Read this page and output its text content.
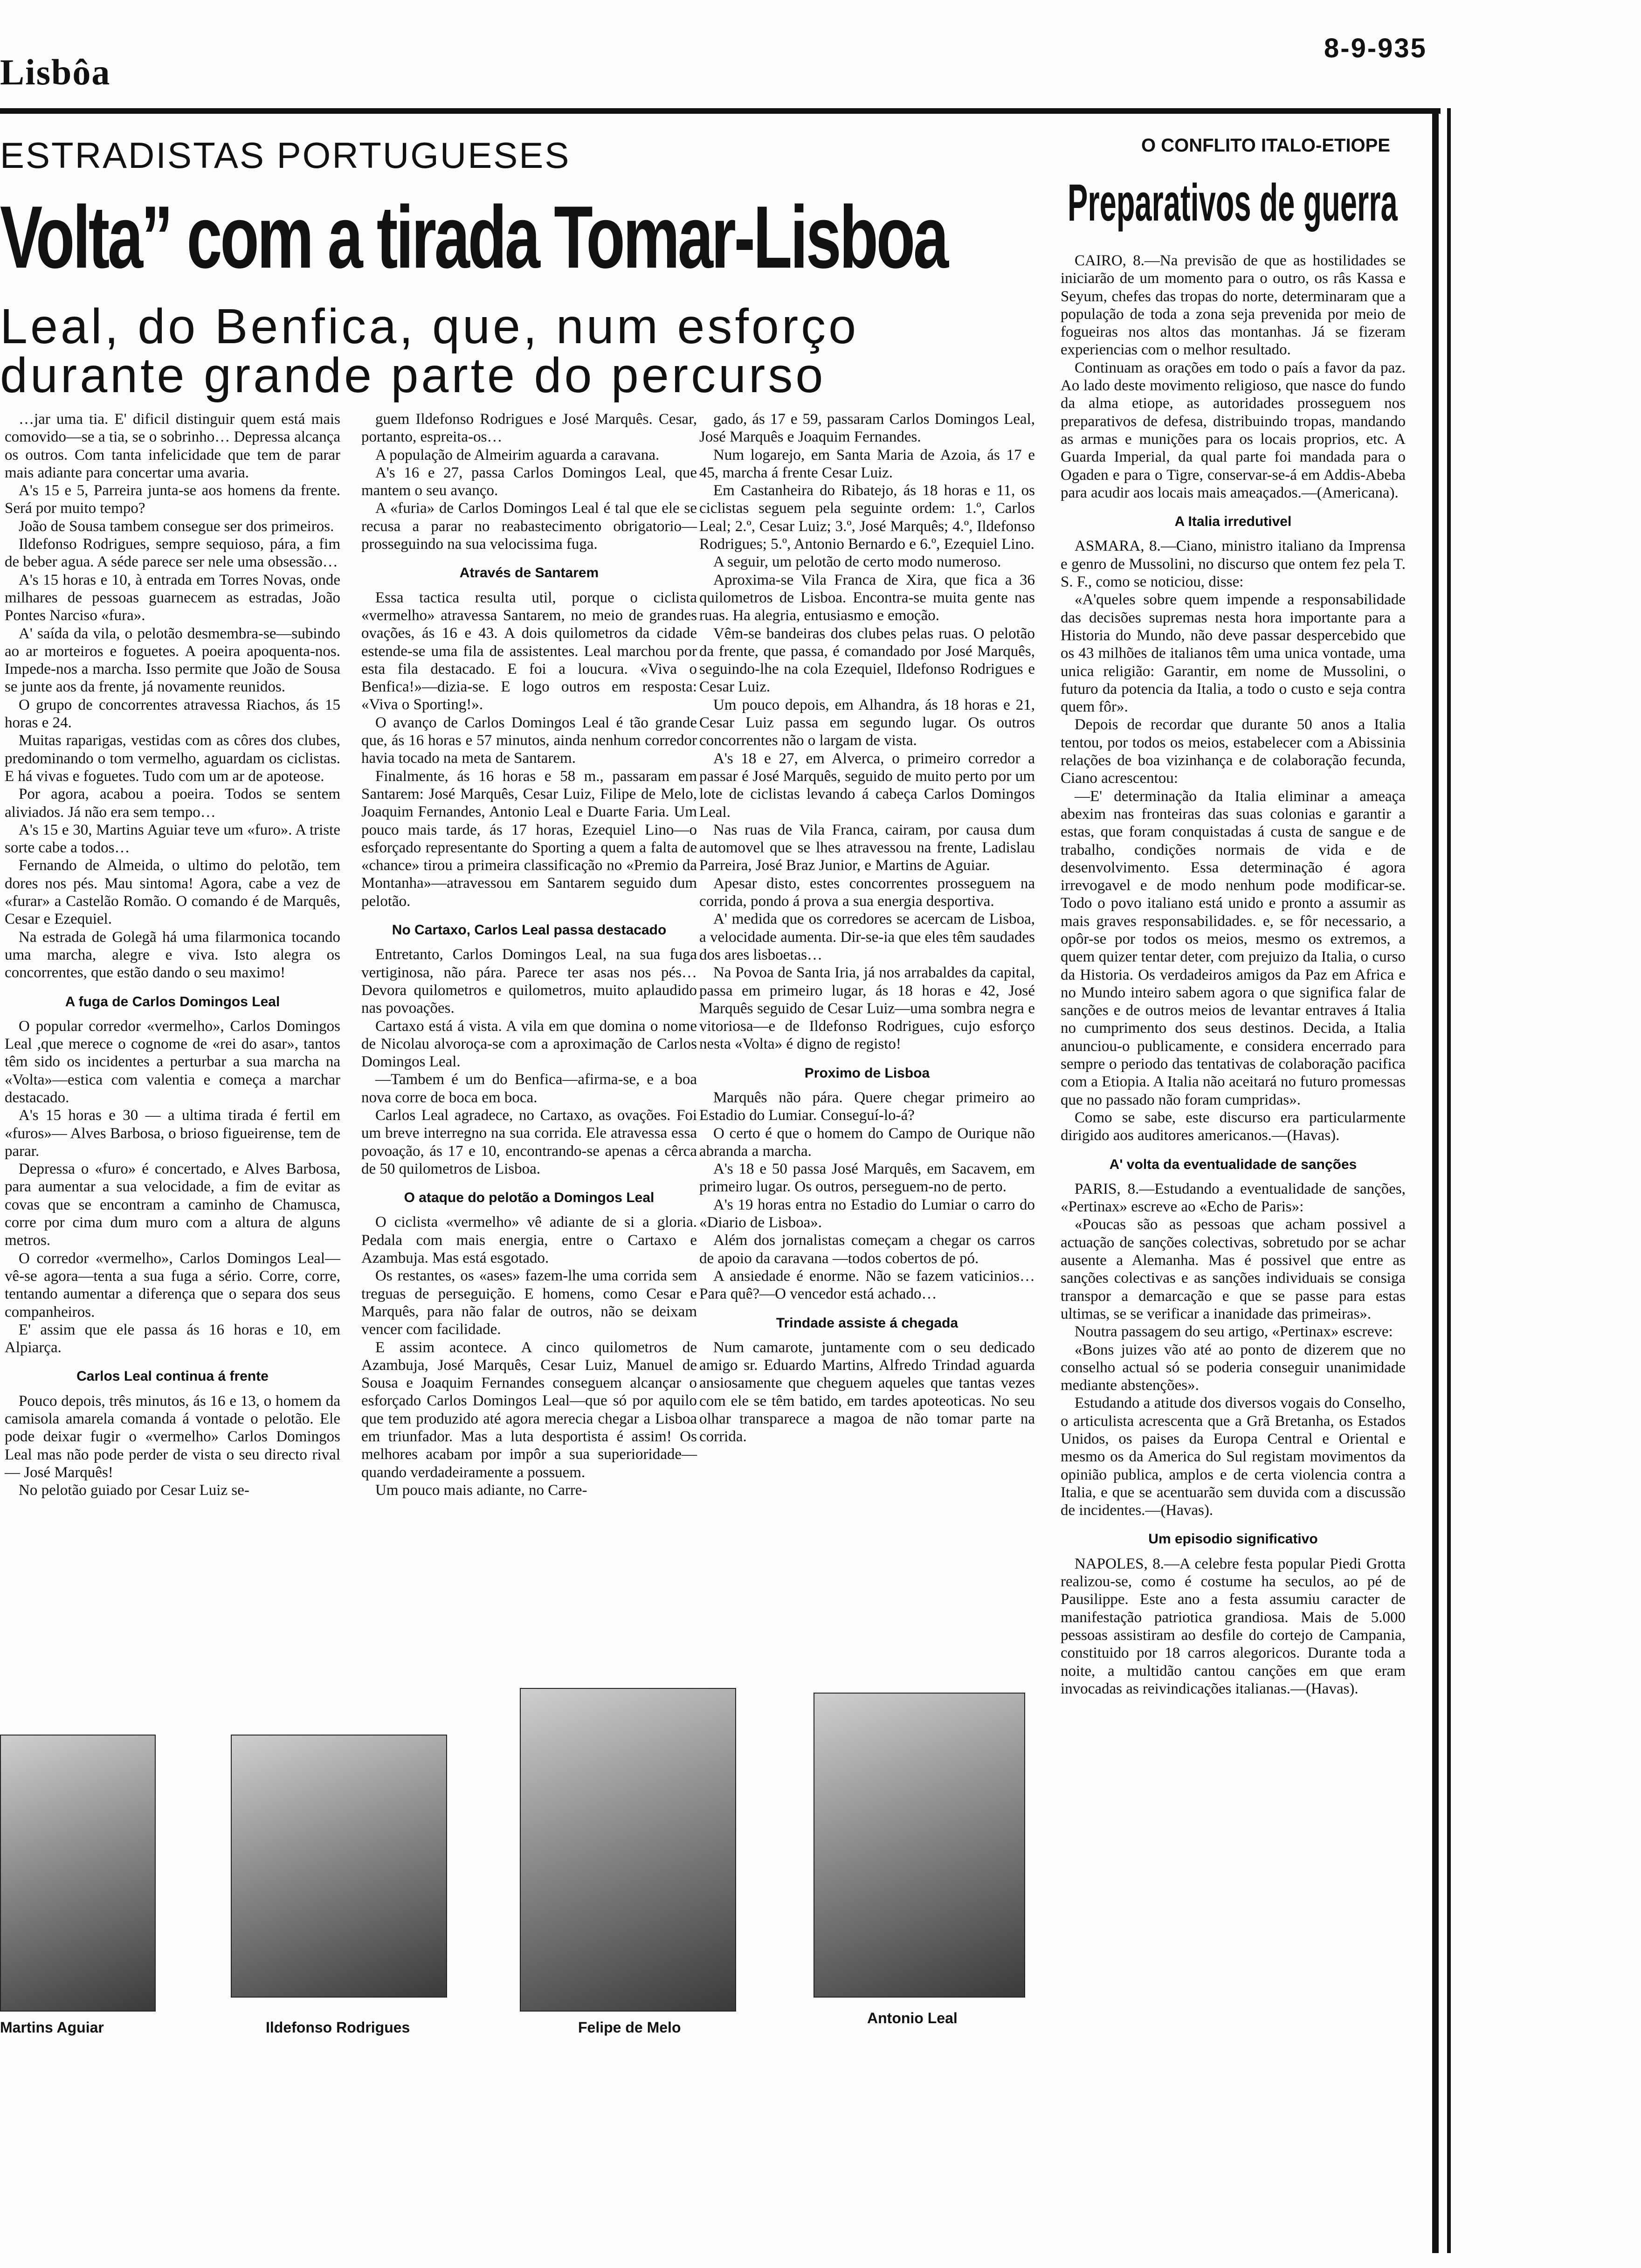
Lisbôa
8-9-935
ESTRADISTAS PORTUGUESES
Volta” com a tirada Tomar-Lisboa
Leal, do Benfica, que, num esforço
durante grande parte do percurso

…jar uma tia. E' dificil distinguir quem está mais comovido—se a tia, se o sobrinho… Depressa alcança os outros. Com tanta infelicidade que tem de parar mais adiante para concertar uma avaria.

A's 15 e 5, Parreira junta-se aos homens da frente. Será por muito tempo?

João de Sousa tambem consegue ser dos primeiros.

Ildefonso Rodrigues, sempre sequioso, pára, a fim de beber agua. A séde parece ser nele uma obsessão…

A's 15 horas e 10, à entrada em Torres Novas, onde milhares de pessoas guarnecem as estradas, João Pontes Narciso «fura».

A' saída da vila, o pelotão desmembra-se—subindo ao ar morteiros e foguetes. A poeira apoquenta-nos. Impede-nos a marcha. Isso permite que João de Sousa se junte aos da frente, já novamente reunidos.

O grupo de concorrentes atravessa Riachos, ás 15 horas e 24.

Muitas raparigas, vestidas com as côres dos clubes, predominando o tom vermelho, aguardam os ciclistas. E há vivas e foguetes. Tudo com um ar de apoteose.

Por agora, acabou a poeira. Todos se sentem aliviados. Já não era sem tempo…

A's 15 e 30, Martins Aguiar teve um «furo». A triste sorte cabe a todos…

Fernando de Almeida, o ultimo do pelotão, tem dores nos pés. Mau sintoma! Agora, cabe a vez de «furar» a Castelão Romão. O comando é de Marquês, Cesar e Ezequiel.

Na estrada de Golegã há uma filarmonica tocando uma marcha, alegre e viva. Isto alegra os concorrentes, que estão dando o seu maximo!

A fuga de Carlos Domingos Leal

O popular corredor «vermelho», Carlos Domingos Leal ,que merece o cognome de «rei do asar», tantos têm sido os incidentes a perturbar a sua marcha na «Volta»—estica com valentia e começa a marchar destacado.

A's 15 horas e 30 — a ultima tirada é fertil em «furos»— Alves Barbosa, o brioso figueirense, tem de parar.

Depressa o «furo» é concertado, e Alves Barbosa, para aumentar a sua velocidade, a fim de evitar as covas que se encontram a caminho de Chamusca, corre por cima dum muro com a altura de alguns metros.

O corredor «vermelho», Carlos Domingos Leal—vê-se agora—tenta a sua fuga a sério. Corre, corre, tentando aumentar a diferença que o separa dos seus companheiros.

E' assim que ele passa ás 16 horas e 10, em Alpiarça.

Carlos Leal continua á frente

Pouco depois, três minutos, ás 16 e 13, o homem da camisola amarela comanda á vontade o pelotão. Ele pode deixar fugir o «vermelho» Carlos Domingos Leal mas não pode perder de vista o seu directo rival — José Marquês!

No pelotão guiado por Cesar Luiz se-

guem Ildefonso Rodrigues e José Marquês. Cesar, portanto, espreita-os…

A população de Almeirim aguarda a caravana.

A's 16 e 27, passa Carlos Domingos Leal, que mantem o seu avanço.

A «furia» de Carlos Domingos Leal é tal que ele se recusa a parar no reabastecimento obrigatorio—prosseguindo na sua velocissima fuga.

Através de Santarem

Essa tactica resulta util, porque o ciclista «vermelho» atravessa Santarem, no meio de grandes ovações, ás 16 e 43. A dois quilometros da cidade estende-se uma fila de assistentes. Leal marchou por esta fila destacado. E foi a loucura. «Viva o Benfica!»—dizia-se. E logo outros em resposta: «Viva o Sporting!».

O avanço de Carlos Domingos Leal é tão grande que, ás 16 horas e 57 minutos, ainda nenhum corredor havia tocado na meta de Santarem.

Finalmente, ás 16 horas e 58 m., passaram em Santarem: José Marquês, Cesar Luiz, Filipe de Melo, Joaquim Fernandes, Antonio Leal e Duarte Faria. Um pouco mais tarde, ás 17 horas, Ezequiel Lino—o esforçado representante do Sporting a quem a falta de «chance» tirou a primeira classificação no «Premio da Montanha»—atravessou em Santarem seguido dum pelotão.

No Cartaxo, Carlos Leal passa destacado

Entretanto, Carlos Domingos Leal, na sua fuga vertiginosa, não pára. Parece ter asas nos pés… Devora quilometros e quilometros, muito aplaudido nas povoações.

Cartaxo está á vista. A vila em que domina o nome de Nicolau alvoroça-se com a aproximação de Carlos Domingos Leal.

—Tambem é um do Benfica—afirma-se, e a boa nova corre de boca em boca.

Carlos Leal agradece, no Cartaxo, as ovações. Foi um breve interregno na sua corrida. Ele atravessa essa povoação, ás 17 e 10, encontrando-se apenas a cêrca de 50 quilometros de Lisboa.

O ataque do pelotão a Domingos Leal

O ciclista «vermelho» vê adiante de si a gloria. Pedala com mais energia, entre o Cartaxo e Azambuja. Mas está esgotado.

Os restantes, os «ases» fazem-lhe uma corrida sem treguas de perseguição. E homens, como Cesar e Marquês, para não falar de outros, não se deixam vencer com facilidade.

E assim acontece. A cinco quilometros de Azambuja, José Marquês, Cesar Luiz, Manuel de Sousa e Joaquim Fernandes conseguem alcançar o esforçado Carlos Domingos Leal—que só por aquilo que tem produzido até agora merecia chegar a Lisboa em triunfador. Mas a luta desportista é assim! Os melhores acabam por impôr a sua superioridade—quando verdadeiramente a possuem.

Um pouco mais adiante, no Carre-

gado, ás 17 e 59, passaram Carlos Domingos Leal, José Marquês e Joaquim Fernandes.

Num logarejo, em Santa Maria de Azoia, ás 17 e 45, marcha á frente Cesar Luiz.

Em Castanheira do Ribatejo, ás 18 horas e 11, os ciclistas seguem pela seguinte ordem: 1.º, Carlos Leal; 2.º, Cesar Luiz; 3.º, José Marquês; 4.º, Ildefonso Rodrigues; 5.º, Antonio Bernardo e 6.º, Ezequiel Lino.

A seguir, um pelotão de certo modo numeroso.

Aproxima-se Vila Franca de Xira, que fica a 36 quilometros de Lisboa. Encontra-se muita gente nas ruas. Ha alegria, entusiasmo e emoção.

Vêm-se bandeiras dos clubes pelas ruas. O pelotão da frente, que passa, é comandado por José Marquês, seguindo-lhe na cola Ezequiel, Ildefonso Rodrigues e Cesar Luiz.

Um pouco depois, em Alhandra, ás 18 horas e 21, Cesar Luiz passa em segundo lugar. Os outros concorrentes não o largam de vista.

A's 18 e 27, em Alverca, o primeiro corredor a passar é José Marquês, seguido de muito perto por um lote de ciclistas levando á cabeça Carlos Domingos Leal.

Nas ruas de Vila Franca, cairam, por causa dum automovel que se lhes atravessou na frente, Ladislau Parreira, José Braz Junior, e Martins de Aguiar.

Apesar disto, estes concorrentes prosseguem na corrida, pondo á prova a sua energia desportiva.

A' medida que os corredores se acercam de Lisboa, a velocidade aumenta. Dir-se-ia que eles têm saudades dos ares lisboetas…

Na Povoa de Santa Iria, já nos arrabaldes da capital, passa em primeiro lugar, ás 18 horas e 42, José Marquês seguido de Cesar Luiz—uma sombra negra e vitoriosa—e de Ildefonso Rodrigues, cujo esforço nesta «Volta» é digno de registo!

Proximo de Lisboa

Marquês não pára. Quere chegar primeiro ao Estadio do Lumiar. Conseguí-lo-á?

O certo é que o homem do Campo de Ourique não abranda a marcha.

A's 18 e 50 passa José Marquês, em Sacavem, em primeiro lugar. Os outros, perseguem-no de perto.

A's 19 horas entra no Estadio do Lumiar o carro do «Diario de Lisboa».

Além dos jornalistas começam a chegar os carros de apoio da caravana —todos cobertos de pó.

A ansiedade é enorme. Não se fazem vaticinios… Para quê?—O vencedor está achado…

Trindade assiste á chegada

Num camarote, juntamente com o seu dedicado amigo sr. Eduardo Martins, Alfredo Trindad aguarda ansiosamente que cheguem aqueles que tantas vezes com ele se têm batido, em tardes apoteoticas. No seu olhar transparece a magoa de não tomar parte na corrida.

Martins Aguiar	Ildefonso Rodrigues	Felipe de Melo
Antonio Leal
O CONFLITO ITALO-ETIOPE
Preparativos de guerra

CAIRO, 8.—Na previsão de que as hostilidades se iniciarão de um momento para o outro, os râs Kassa e Seyum, chefes das tropas do norte, determinaram que a população de toda a zona seja prevenida por meio de fogueiras nos altos das montanhas. Já se fizeram experiencias com o melhor resultado.

Continuam as orações em todo o país a favor da paz. Ao lado deste movimento religioso, que nasce do fundo da alma etiope, as autoridades prosseguem nos preparativos de defesa, distribuindo tropas, mandando as armas e munições para os locais proprios, etc. A Guarda Imperial, da qual parte foi mandada para o Ogaden e para o Tigre, conservar-se-á em Addis-Abeba para acudir aos locais mais ameaçados.—(Americana).

A Italia irredutivel

ASMARA, 8.—Ciano, ministro italiano da Imprensa e genro de Mussolini, no discurso que ontem fez pela T. S. F., como se noticiou, disse:

«A'queles sobre quem impende a responsabilidade das decisões supremas nesta hora importante para a Historia do Mundo, não deve passar despercebido que os 43 milhões de italianos têm uma unica vontade, uma unica religião: Garantir, em nome de Mussolini, o futuro da potencia da Italia, a todo o custo e seja contra quem fôr».

Depois de recordar que durante 50 anos a Italia tentou, por todos os meios, estabelecer com a Abissinia relações de boa vizinhança e de colaboração fecunda, Ciano acrescentou:

—E' determinação da Italia eliminar a ameaça abexim nas fronteiras das suas colonias e garantir a estas, que foram conquistadas á custa de sangue e de trabalho, condições normais de vida e de desenvolvimento. Essa determinação é agora irrevogavel e de modo nenhum pode modificar-se. Todo o povo italiano está unido e pronto a assumir as mais graves responsabilidades. e, se fôr necessario, a opôr-se por todos os meios, mesmo os extremos, a quem quizer tentar deter, com prejuizo da Italia, o curso da Historia. Os verdadeiros amigos da Paz em Africa e no Mundo inteiro sabem agora o que significa falar de sanções e de outros meios de levantar entraves á Italia no cumprimento dos seus destinos. Decida, a Italia anunciou-o publicamente, e considera encerrado para sempre o periodo das tentativas de colaboração pacifica com a Etiopia. A Italia não aceitará no futuro promessas que no passado não foram cumpridas».

Como se sabe, este discurso era particularmente dirigido aos auditores americanos.—(Havas).

A' volta da eventualidade de sanções

PARIS, 8.—Estudando a eventualidade de sanções, «Pertinax» escreve ao «Echo de Paris»:

«Poucas são as pessoas que acham possivel a actuação de sanções colectivas, sobretudo por se achar ausente a Alemanha. Mas é possivel que entre as sanções colectivas e as sanções individuais se consiga transpor a demarcação e que se passe para estas ultimas, se se verificar a inanidade das primeiras».

Noutra passagem do seu artigo, «Pertinax» escreve:

«Bons juizes vão até ao ponto de dizerem que no conselho actual só se poderia conseguir unanimidade mediante abstenções».

Estudando a atitude dos diversos vogais do Conselho, o articulista acrescenta que a Grã Bretanha, os Estados Unidos, os paises da Europa Central e Oriental e mesmo os da America do Sul registam movimentos da opinião publica, amplos e de certa violencia contra a Italia, e que se acentuarão sem duvida com a discussão de incidentes.—(Havas).

Um episodio significativo

NAPOLES, 8.—A celebre festa popular Piedi Grotta realizou-se, como é costume ha seculos, ao pé de Pausilippe. Este ano a festa assumiu caracter de manifestação patriotica grandiosa. Mais de 5.000 pessoas assistiram ao desfile do cortejo de Campania, constituido por 18 carros alegoricos. Durante toda a noite, a multidão cantou canções em que eram invocadas as reivindicações italianas.—(Havas).
